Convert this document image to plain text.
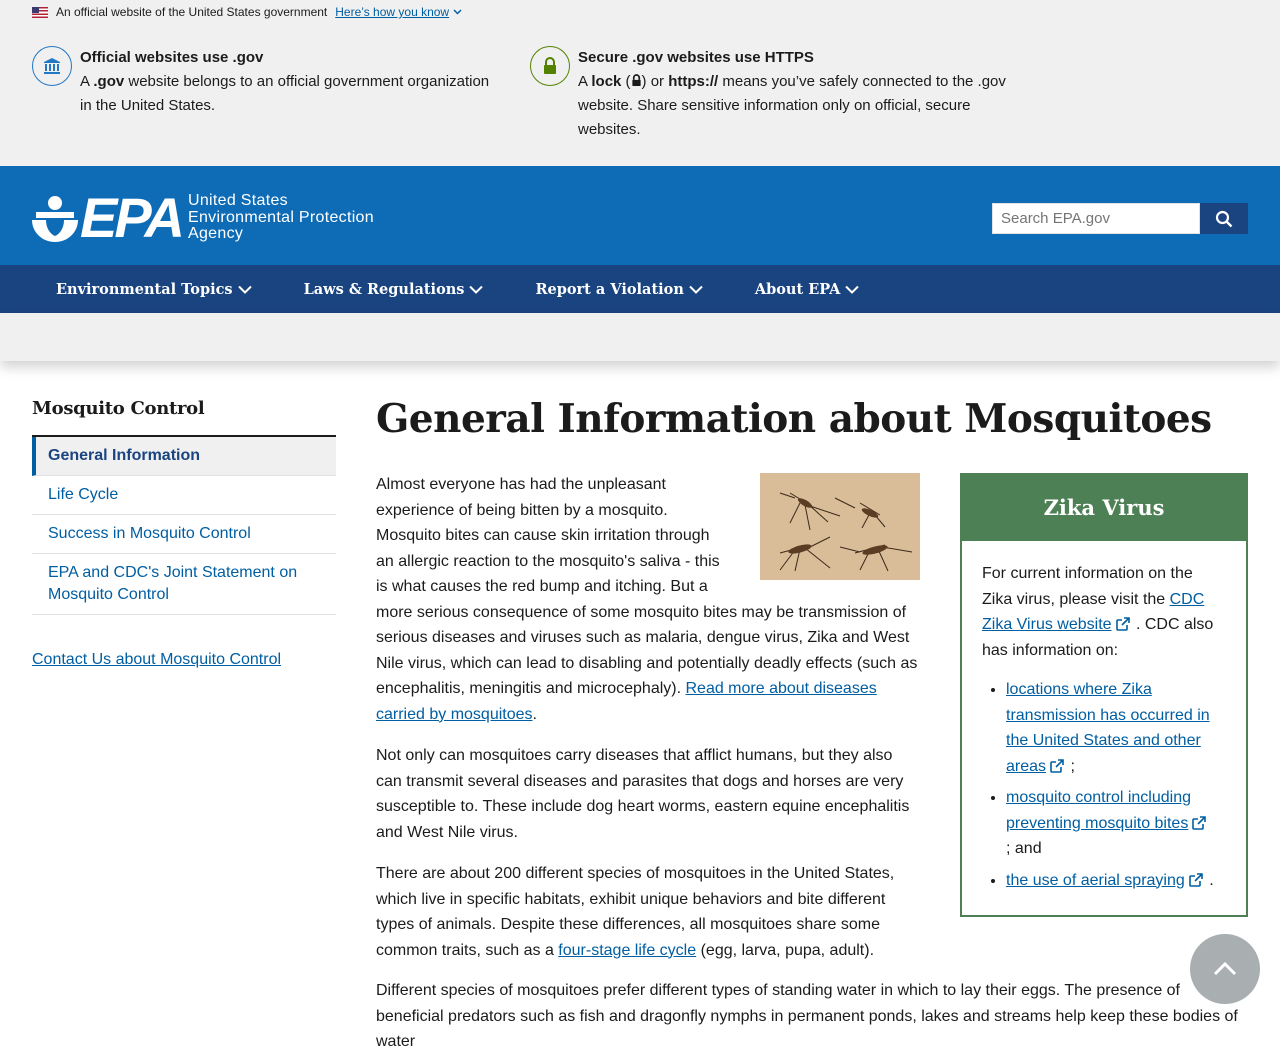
An official website of the United States government Here’s how you know
Official websites use .gov
A .gov website belongs to an official government organization in the United States.
Secure .gov websites use HTTPS
A lock ( ) or https:// means you’ve safely connected to the .gov website. Share sensitive information only on official, secure websites.
EPA United States
Environmental Protection
Agency
Search EPA.gov
Environmental Topics	Laws & Regulations	Report a Violation	About EPA
Mosquito Control
General Information
Life Cycle
Success in Mosquito Control
EPA and CDC's Joint Statement on Mosquito Control
Contact Us about Mosquito Control
General Information about Mosquitoes

Almost everyone has had the unpleasant experience of being bitten by a mosquito. Mosquito bites can cause skin irritation through an allergic reaction to the mosquito's saliva - this is what causes the red bump and itching. But a more serious consequence of some mosquito bites may be transmission of serious diseases and viruses such as malaria, dengue virus, Zika and West Nile virus, which can lead to disabling and potentially deadly effects (such as encephalitis, meningitis and microcephaly). Read more about diseases carried by mosquitoes.

Not only can mosquitoes carry diseases that afflict humans, but they also can transmit several diseases and parasites that dogs and horses are very susceptible to. These include dog heart worms, eastern equine encephalitis and West Nile virus.

There are about 200 different species of mosquitoes in the United States, which live in specific habitats, exhibit unique behaviors and bite different types of animals. Despite these differences, all mosquitoes share some common traits, such as a four-stage life cycle (egg, larva, pupa, adult).

Different species of mosquitoes prefer different types of standing water in which to lay their eggs. The presence of beneficial predators such as fish and dragonfly nymphs in permanent ponds, lakes and streams help keep these bodies of water

Zika Virus
For current information on the Zika virus, please visit the CDC Zika Virus website . CDC also has information on:
• locations where Zika transmission has occurred in the United States and other areas ;
• mosquito control including preventing mosquito bites
; and
• the use of aerial spraying .
